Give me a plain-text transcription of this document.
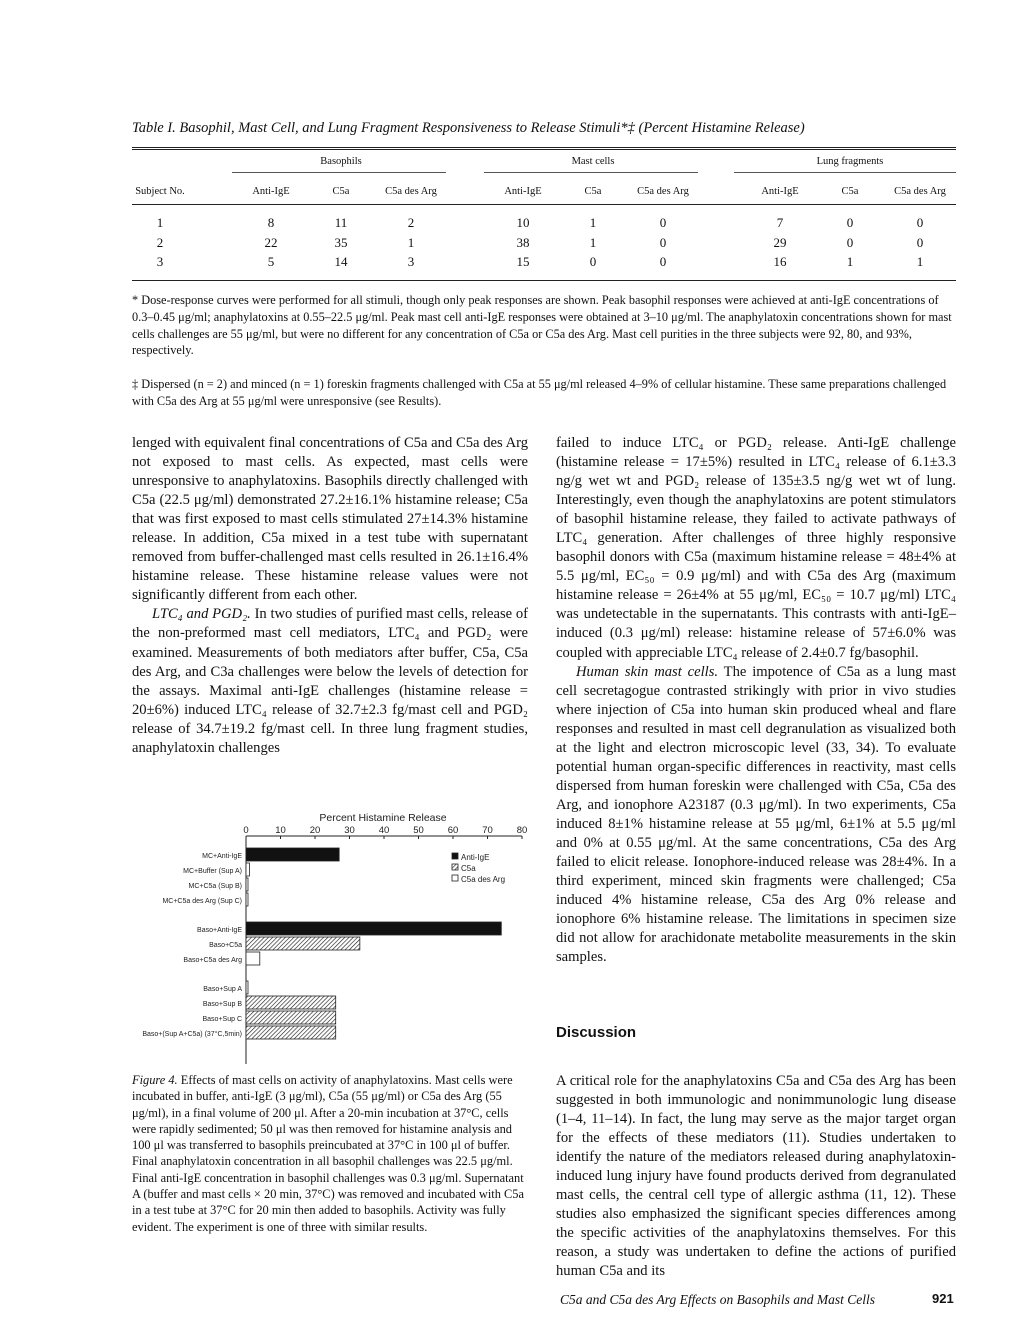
Table I. Basophil, Mast Cell, and Lung Fragment Responsiveness to Release Stimuli*‡ (Percent Histamine Release)
Basophils	Mast cells	Lung fragments
Subject No.	Anti-IgE	C5a	C5a des Arg	Anti-IgE	C5a	C5a des Arg	Anti-IgE	C5a	C5a des Arg
1	8	11	2	10	1	0	7	0	0
2	22	35	1	38	1	0	29	0	0
3	5	14	3	15	0	0	16	1	1
* Dose-response curves were performed for all stimuli, though only peak responses are shown. Peak basophil responses were achieved at anti-IgE concentrations of 0.3–0.45 μg/ml; anaphylatoxins at 0.55–22.5 μg/ml. Peak mast cell anti-IgE responses were obtained at 3–10 μg/ml. The anaphylatoxin concentrations shown for mast cells challenges are 55 μg/ml, but were no different for any concentration of C5a or C5a des Arg. Mast cell purities in the three subjects were 92, 80, and 93%, respectively.
‡ Dispersed (n = 2) and minced (n = 1) foreskin fragments challenged with C5a at 55 μg/ml released 4–9% of cellular histamine. These same preparations challenged with C5a des Arg at 55 μg/ml were unresponsive (see Results).

lenged with equivalent final concentrations of C5a and C5a des Arg not exposed to mast cells. As expected, mast cells were unresponsive to anaphylatoxins. Basophils directly challenged with C5a (22.5 μg/ml) demonstrated 27.2±16.1% histamine release; C5a that was first exposed to mast cells stimulated 27±14.3% histamine release. In addition, C5a mixed in a test tube with supernatant removed from buffer-challenged mast cells resulted in 26.1±16.4% histamine release. These histamine release values were not significantly different from each other.

LTC₄ and PGD₂. In two studies of purified mast cells, release of the non-preformed mast cell mediators, LTC₄ and PGD₂ were examined. Measurements of both mediators after buffer, C5a, C5a des Arg, and C3a challenges were below the levels of detection for the assays. Maximal anti-IgE challenges (histamine release = 20±6%) induced LTC₄ release of 32.7±2.3 fg/mast cell and PGD₂ release of 34.7±19.2 fg/mast cell. In three lung fragment studies, anaphylatoxin challenges

Percent Histamine Release
0	10	20	30	40	50	60	70	80
MC+Anti-IgE
MC+Buffer (Sup A)
MC+C5a (Sup B)
MC+C5a des Arg (Sup C)
Baso+Anti-IgE
Baso+C5a
Baso+C5a des Arg
Baso+Sup A
Baso+Sup B
Baso+Sup C
Baso+(Sup A+C5a) (37°C,5min)
Anti-IgE
C5a
C5a des Arg
Figure 4. Effects of mast cells on activity of anaphylatoxins. Mast cells were incubated in buffer, anti-IgE (3 μg/ml), C5a (55 μg/ml) or C5a des Arg (55 μg/ml), in a final volume of 200 μl. After a 20-min incubation at 37°C, cells were rapidly sedimented; 50 μl was then removed for histamine analysis and 100 μl was transferred to basophils preincubated at 37°C in 100 μl of buffer. Final anaphylatoxin concentration in all basophil challenges was 22.5 μg/ml. Final anti-IgE concentration in basophil challenges was 0.3 μg/ml. Supernatant A (buffer and mast cells × 20 min, 37°C) was removed and incubated with C5a in a test tube at 37°C for 20 min then added to basophils. Activity was fully evident. The experiment is one of three with similar results.

failed to induce LTC₄ or PGD₂ release. Anti-IgE challenge (histamine release = 17±5%) resulted in LTC₄ release of 6.1±3.3 ng/g wet wt and PGD₂ release of 135±3.5 ng/g wet wt of lung. Interestingly, even though the anaphylatoxins are potent stimulators of basophil histamine release, they failed to activate pathways of LTC₄ generation. After challenges of three highly responsive basophil donors with C5a (maximum histamine release = 48±4% at 5.5 μg/ml, EC₅₀ = 0.9 μg/ml) and with C5a des Arg (maximum histamine release = 26±4% at 55 μg/ml, EC₅₀ = 10.7 μg/ml) LTC₄ was undetectable in the supernatants. This contrasts with anti-IgE–induced (0.3 μg/ml) release: histamine release of 57±6.0% was coupled with appreciable LTC₄ release of 2.4±0.7 fg/basophil.

Human skin mast cells. The impotence of C5a as a lung mast cell secretagogue contrasted strikingly with prior in vivo studies where injection of C5a into human skin produced wheal and flare responses and resulted in mast cell degranulation as visualized both at the light and electron microscopic level (33, 34). To evaluate potential human organ-specific differences in reactivity, mast cells dispersed from human foreskin were challenged with C5a, C5a des Arg, and ionophore A23187 (0.3 μg/ml). In two experiments, C5a induced 8±1% histamine release at 55 μg/ml, 6±1% at 5.5 μg/ml and 0% at 0.55 μg/ml. At the same concentrations, C5a des Arg failed to elicit release. Ionophore-induced release was 28±4%. In a third experiment, minced skin fragments were challenged; C5a induced 4% histamine release, C5a des Arg 0% release and ionophore 6% histamine release. The limitations in specimen size did not allow for arachidonate metabolite measurements in the skin samples.

Discussion
A critical role for the anaphylatoxins C5a and C5a des Arg has been suggested in both immunologic and nonimmunologic lung disease (1–4, 11–14). In fact, the lung may serve as the major target organ for the effects of these mediators (11). Studies undertaken to identify the nature of the mediators released during anaphylatoxin-induced lung injury have found products derived from degranulated mast cells, the central cell type of allergic asthma (11, 12). These studies also emphasized the significant species differences among the specific activities of the anaphylatoxins themselves. For this reason, a study was undertaken to define the actions of purified human C5a and its
C5a and C5a des Arg Effects on Basophils and Mast Cells	921
